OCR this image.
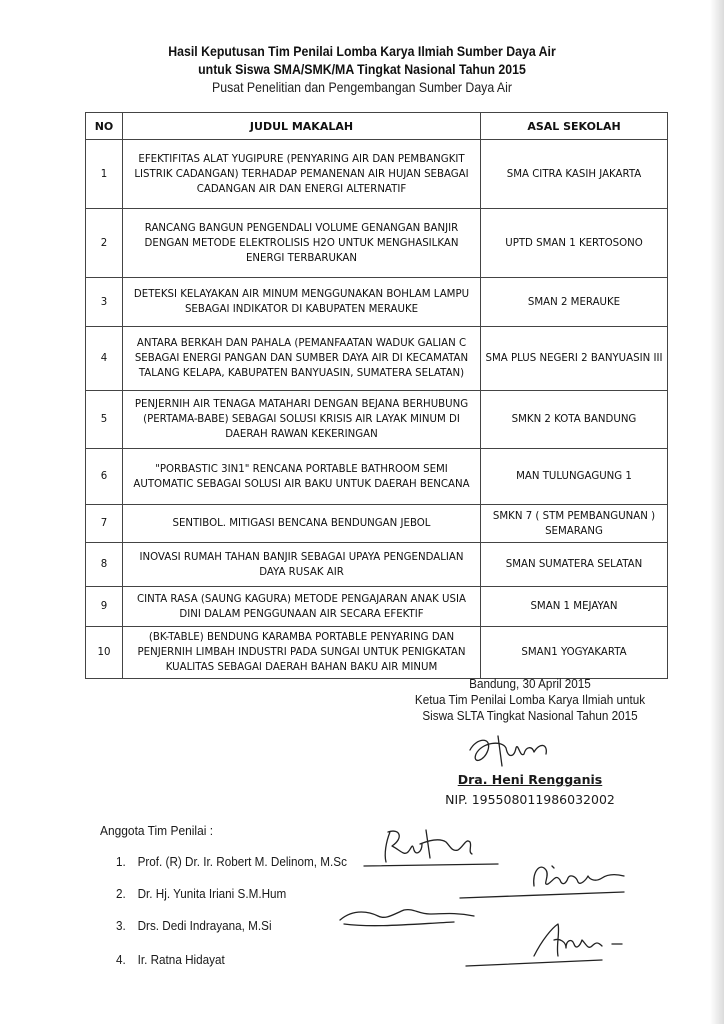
Hasil Keputusan Tim Penilai Lomba Karya Ilmiah Sumber Daya Air
untuk Siswa SMA/SMK/MA Tingkat Nasional Tahun 2015
Pusat Penelitian dan Pengembangan Sumber Daya Air
NO	JUDUL MAKALAH	ASAL SEKOLAH
1	EFEKTIFITAS ALAT YUGIPURE (PENYARING AIR DAN PEMBANGKIT LISTRIK CADANGAN) TERHADAP PEMANENAN AIR HUJAN SEBAGAI CADANGAN AIR DAN ENERGI ALTERNATIF	SMA CITRA KASIH JAKARTA
2	RANCANG BANGUN PENGENDALI VOLUME GENANGAN BANJIR DENGAN METODE ELEKTROLISIS H2O UNTUK MENGHASILKAN ENERGI TERBARUKAN	UPTD SMAN 1 KERTOSONO
3	DETEKSI KELAYAKAN AIR MINUM MENGGUNAKAN BOHLAM LAMPU SEBAGAI INDIKATOR DI KABUPATEN MERAUKE	SMAN 2 MERAUKE
4	ANTARA BERKAH DAN PAHALA (PEMANFAATAN WADUK GALIAN C SEBAGAI ENERGI PANGAN DAN SUMBER DAYA AIR DI KECAMATAN TALANG KELAPA, KABUPATEN BANYUASIN, SUMATERA SELATAN)	SMA PLUS NEGERI 2 BANYUASIN III
5	PENJERNIH AIR TENAGA MATAHARI DENGAN BEJANA BERHUBUNG (PERTAMA-BABE) SEBAGAI SOLUSI KRISIS AIR LAYAK MINUM DI DAERAH RAWAN KEKERINGAN	SMKN 2 KOTA BANDUNG
6	"PORBASTIC 3IN1" RENCANA PORTABLE BATHROOM SEMI AUTOMATIC SEBAGAI SOLUSI AIR BAKU UNTUK DAERAH BENCANA	MAN TULUNGAGUNG 1
7	SENTIBOL. MITIGASI BENCANA BENDUNGAN JEBOL	SMKN 7 ( STM PEMBANGUNAN ) SEMARANG
8	INOVASI RUMAH TAHAN BANJIR SEBAGAI UPAYA PENGENDALIAN DAYA RUSAK AIR	SMAN SUMATERA SELATAN
9	CINTA RASA (SAUNG KAGURA) METODE PENGAJARAN ANAK USIA DINI DALAM PENGGUNAAN AIR SECARA EFEKTIF	SMAN 1 MEJAYAN
10	(BK-TABLE) BENDUNG KARAMBA PORTABLE PENYARING DAN PENJERNIH LIMBAH INDUSTRI PADA SUNGAI UNTUK PENIGKATAN KUALITAS SEBAGAI DAERAH BAHAN BAKU AIR MINUM	SMAN1 YOGYAKARTA
Bandung, 30 April 2015
Ketua Tim Penilai Lomba Karya Ilmiah untuk
Siswa SLTA Tingkat Nasional Tahun 2015
Dra. Heni Rengganis
NIP. 195508011986032002
Anggota Tim Penilai :
1. Prof. (R) Dr. Ir. Robert M. Delinom, M.Sc
2. Dr. Hj. Yunita Iriani S.M.Hum
3. Drs. Dedi Indrayana, M.Si
4. Ir. Ratna Hidayat
